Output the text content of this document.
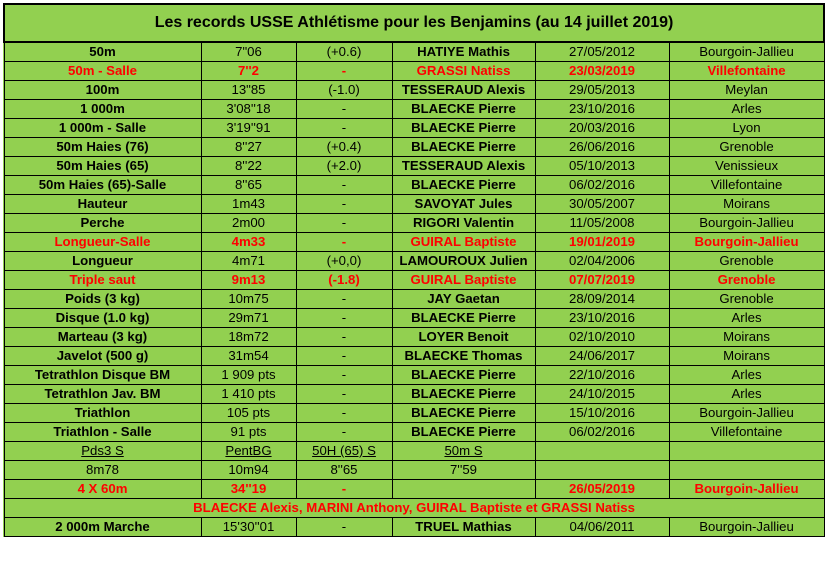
Les records USSE Athlétisme pour les Benjamins (au 14 juillet 2019)					
50m	7"06	(+0.6)	HATIYE Mathis	27/05/2012	Bourgoin-Jallieu
50m - Salle	7''2	-	GRASSI Natiss	23/03/2019	Villefontaine
100m	13"85	(-1.0)	TESSERAUD Alexis	29/05/2013	Meylan
1 000m	3'08''18	-	BLAECKE Pierre	23/10/2016	Arles
1 000m - Salle	3'19''91	-	BLAECKE Pierre	20/03/2016	Lyon
50m Haies (76)	8''27	(+0.4)	BLAECKE Pierre	26/06/2016	Grenoble
50m Haies (65)	8''22	(+2.0)	TESSERAUD Alexis	05/10/2013	Venissieux
50m Haies (65)-Salle	8''65	-	BLAECKE Pierre	06/02/2016	Villefontaine
Hauteur	1m43	-	SAVOYAT Jules	30/05/2007	Moirans
Perche	2m00	-	RIGORI Valentin	11/05/2008	Bourgoin-Jallieu
Longueur-Salle	4m33	-	GUIRAL Baptiste	19/01/2019	Bourgoin-Jallieu
Longueur	4m71	(+0,0)	LAMOUROUX Julien	02/04/2006	Grenoble
Triple saut	9m13	(-1.8)	GUIRAL Baptiste	07/07/2019	Grenoble
Poids (3 kg)	10m75	-	JAY Gaetan	28/09/2014	Grenoble
Disque (1.0 kg)	29m71	-	BLAECKE Pierre	23/10/2016	Arles
Marteau (3 kg)	18m72	-	LOYER Benoit	02/10/2010	Moirans
Javelot (500 g)	31m54	-	BLAECKE Thomas	24/06/2017	Moirans
Tetrathlon Disque BM	1 909 pts	-	BLAECKE Pierre	22/10/2016	Arles
Tetrathlon Jav. BM	1 410 pts	-	BLAECKE Pierre	24/10/2015	Arles
Triathlon	105 pts	-	BLAECKE Pierre	15/10/2016	Bourgoin-Jallieu
Triathlon - Salle	91 pts	-	BLAECKE Pierre	06/02/2016	Villefontaine
Pds3 S	PentBG	50H (65) S	50m S		
8m78	10m94	8''65	7''59		
4 X 60m	34''19	-		26/05/2019	Bourgoin-Jallieu
BLAECKE Alexis, MARINI Anthony, GUIRAL Baptiste et GRASSI Natiss					
2 000m Marche	15'30''01	-	TRUEL Mathias	04/06/2011	Bourgoin-Jallieu
